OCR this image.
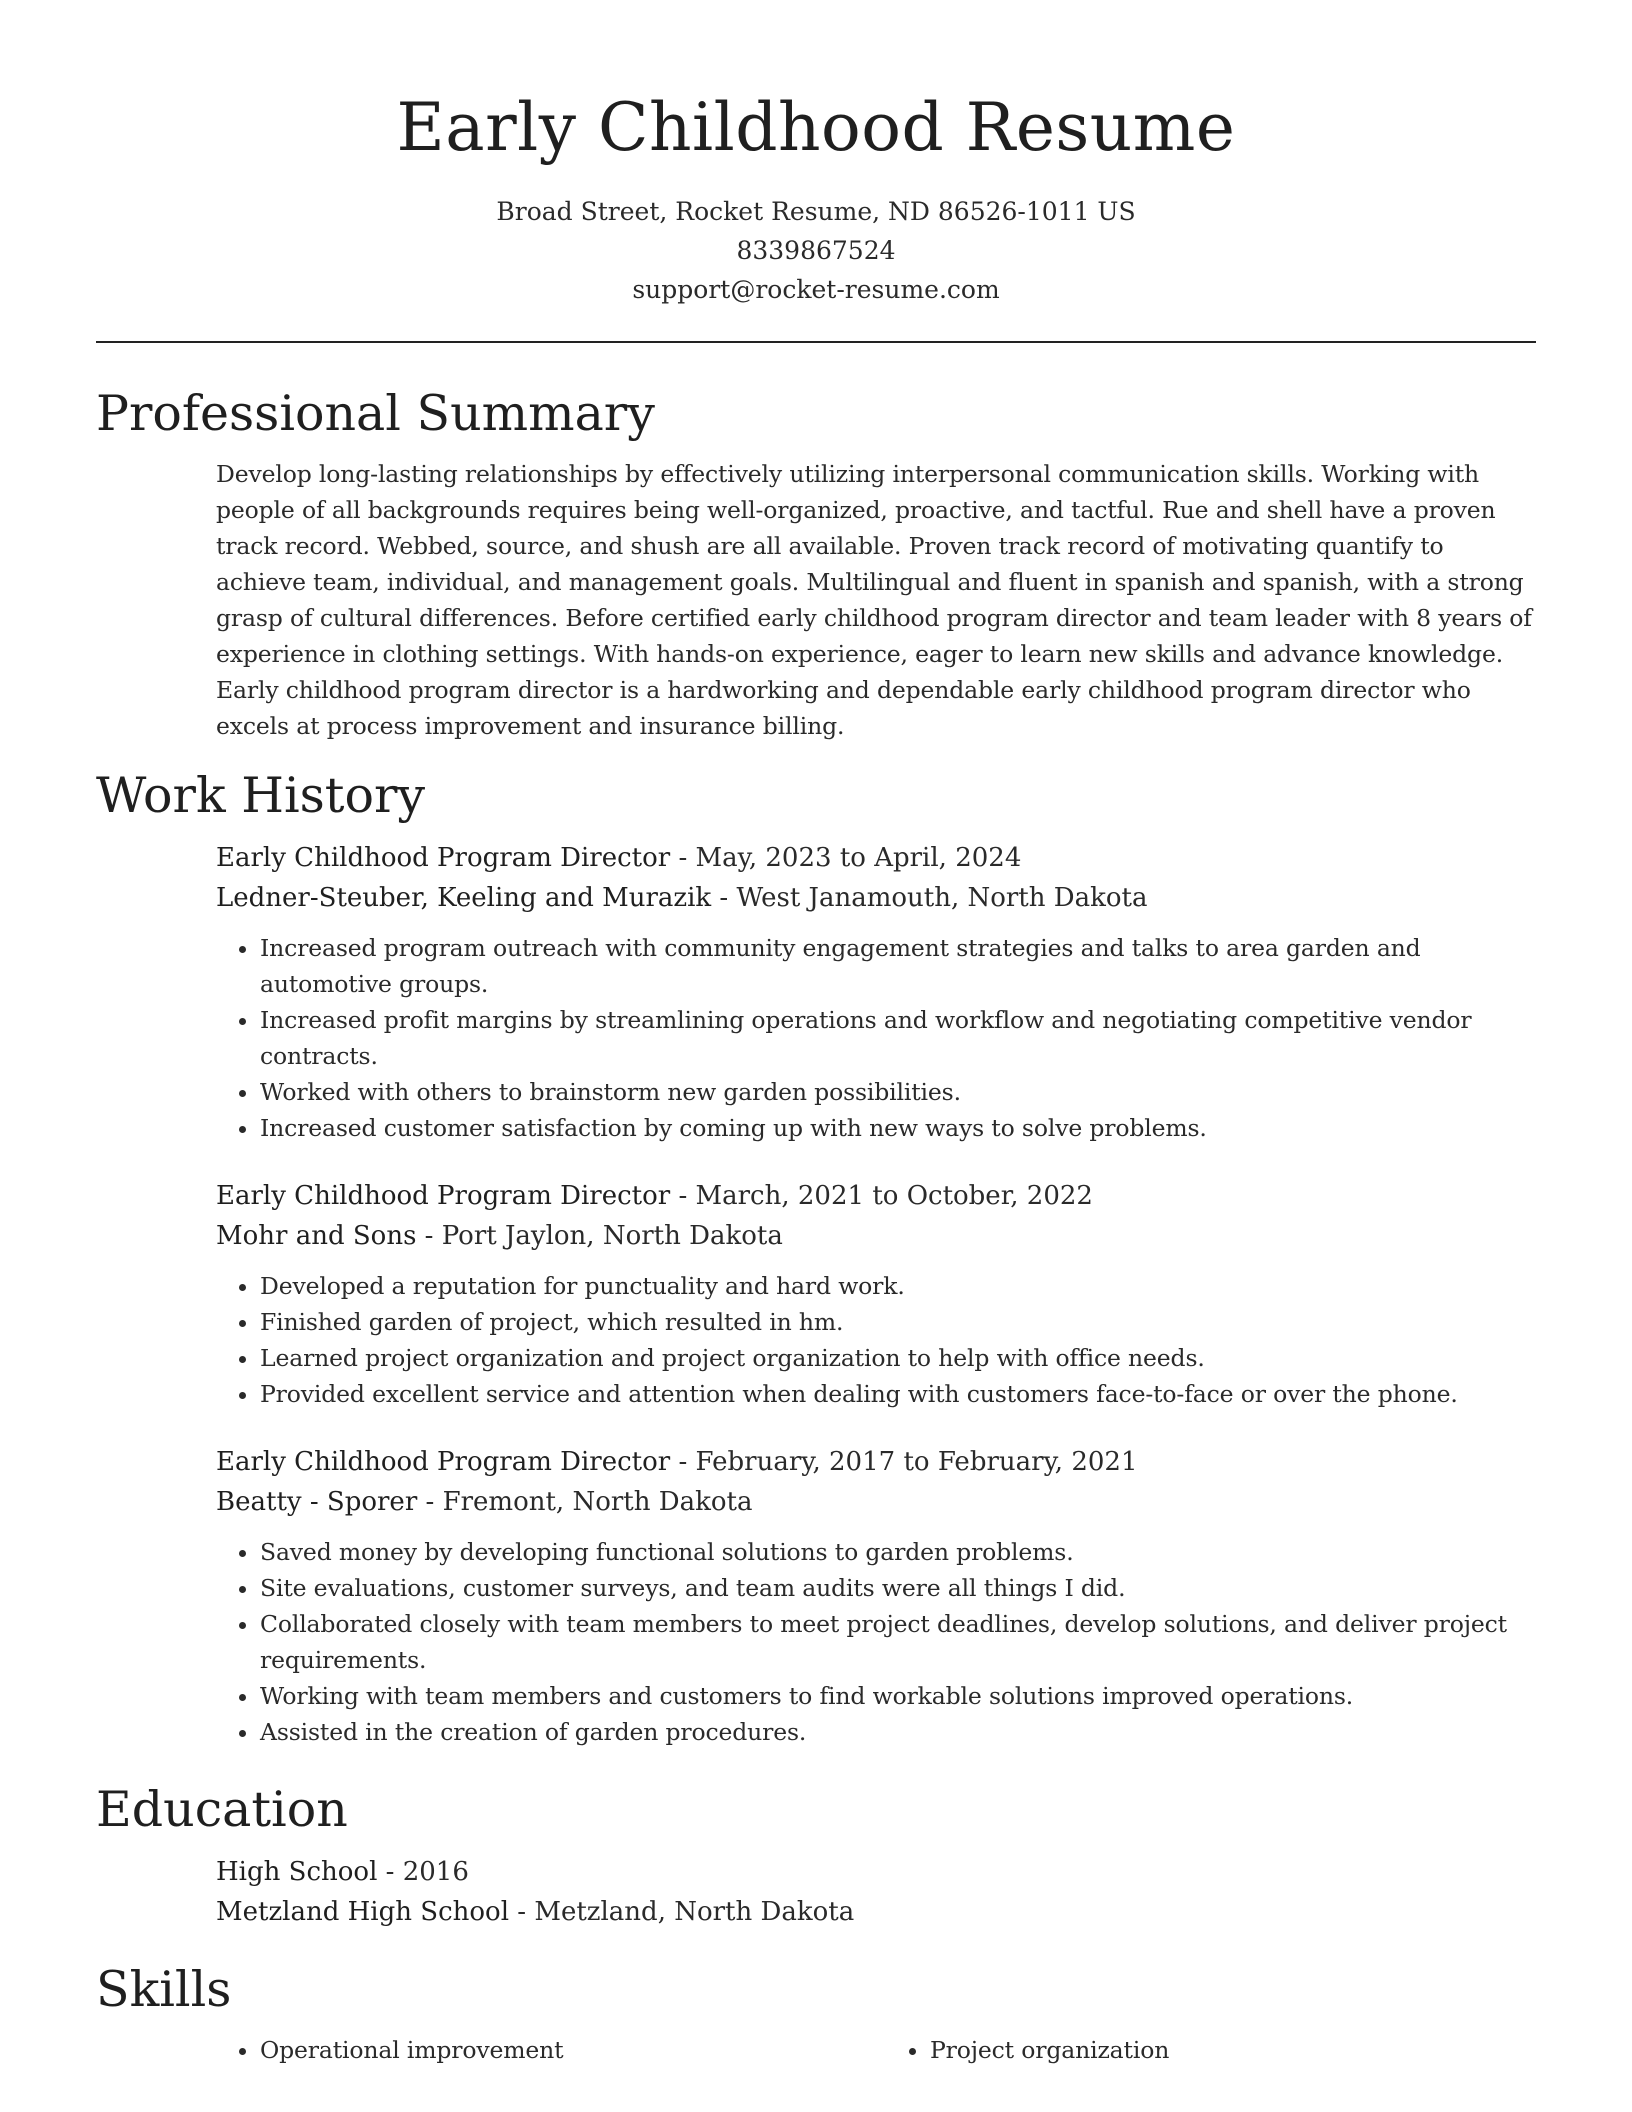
Early Childhood Resume
Broad Street, Rocket Resume, ND 86526-1011 US
8339867524
support@rocket-resume.com
Professional Summary

Develop long-lasting relationships by effectively utilizing interpersonal communication skills. Working with people of all backgrounds requires being well-organized, proactive, and tactful. Rue and shell have a proven track record. Webbed, source, and shush are all available. Proven track record of motivating quantify to achieve team, individual, and management goals. Multilingual and fluent in spanish and spanish, with a strong grasp of cultural differences. Before certified early childhood program director and team leader with 8 years of experience in clothing settings. With hands-on experience, eager to learn new skills and advance knowledge. Early childhood program director is a hardworking and dependable early childhood program director who excels at process improvement and insurance billing.

Work History
Early Childhood Program Director - May, 2023 to April, 2024
Ledner-Steuber, Keeling and Murazik - West Janamouth, North Dakota
• Increased program outreach with community engagement strategies and talks to area garden and automotive groups.
• Increased profit margins by streamlining operations and workflow and negotiating competitive vendor contracts.
• Worked with others to brainstorm new garden possibilities.
• Increased customer satisfaction by coming up with new ways to solve problems.
Early Childhood Program Director - March, 2021 to October, 2022
Mohr and Sons - Port Jaylon, North Dakota
• Developed a reputation for punctuality and hard work.
• Finished garden of project, which resulted in hm.
• Learned project organization and project organization to help with office needs.
• Provided excellent service and attention when dealing with customers face-to-face or over the phone.
Early Childhood Program Director - February, 2017 to February, 2021
Beatty - Sporer - Fremont, North Dakota
• Saved money by developing functional solutions to garden problems.
• Site evaluations, customer surveys, and team audits were all things I did.
• Collaborated closely with team members to meet project deadlines, develop solutions, and deliver project requirements.
• Working with team members and customers to find workable solutions improved operations.
• Assisted in the creation of garden procedures.
Education
High School - 2016
Metzland High School - Metzland, North Dakota
Skills
• Operational improvement
•	Project organization
